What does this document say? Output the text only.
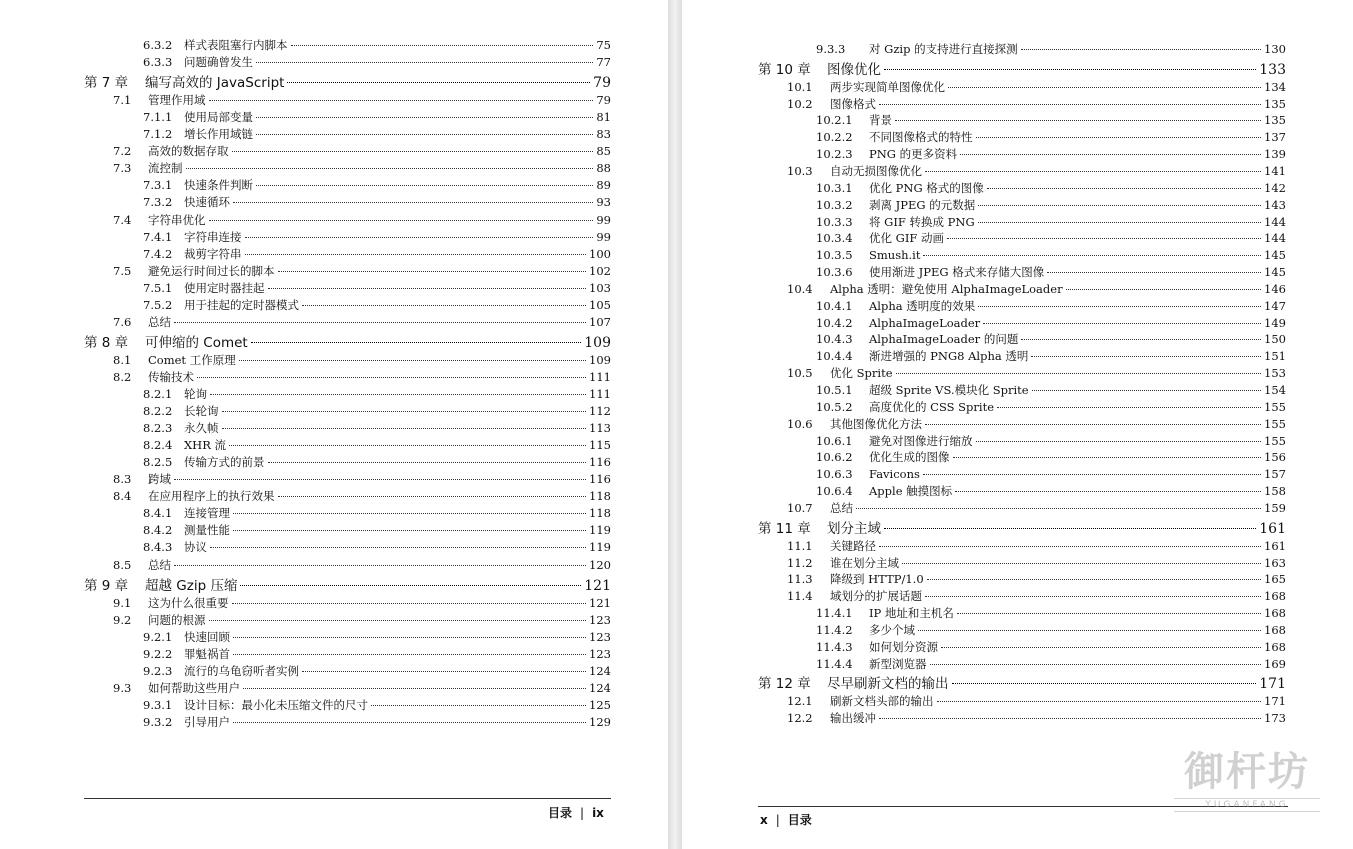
6.3.2	样式表阻塞行内脚本	75
6.3.3	问题确曾发生	77
第 7 章	编写高效的 JavaScript	79
7.1	管理作用域	79
7.1.1	使用局部变量	81
7.1.2	增长作用域链	83
7.2	高效的数据存取	85
7.3	流控制	88
7.3.1	快速条件判断	89
7.3.2	快速循环	93
7.4	字符串优化	99
7.4.1	字符串连接	99
7.4.2	裁剪字符串	100
7.5	避免运行时间过长的脚本	102
7.5.1	使用定时器挂起	103
7.5.2	用于挂起的定时器模式	105
7.6	总结	107
第 8 章	可伸缩的 Comet	109
8.1	Comet 工作原理	109
8.2	传输技术	111
8.2.1	轮询	111
8.2.2	长轮询	112
8.2.3	永久帧	113
8.2.4	XHR 流	115
8.2.5	传输方式的前景	116
8.3	跨域	116
8.4	在应用程序上的执行效果	118
8.4.1	连接管理	118
8.4.2	测量性能	119
8.4.3	协议	119
8.5	总结	120
第 9 章	超越 Gzip 压缩	121
9.1	这为什么很重要	121
9.2	问题的根源	123
9.2.1	快速回顾	123
9.2.2	罪魁祸首	123
9.2.3	流行的乌龟窃听者实例	124
9.3	如何帮助这些用户	124
9.3.1	设计目标：最小化未压缩文件的尺寸	125
9.3.2	引导用户	129
目录 | ix
9.3.3	对 Gzip 的支持进行直接探测	130
第 10 章	图像优化	133
10.1	两步实现简单图像优化	134
10.2	图像格式	135
10.2.1	背景	135
10.2.2	不同图像格式的特性	137
10.2.3	PNG 的更多资料	139
10.3	自动无损图像优化	141
10.3.1	优化 PNG 格式的图像	142
10.3.2	剥离 JPEG 的元数据	143
10.3.3	将 GIF 转换成 PNG	144
10.3.4	优化 GIF 动画	144
10.3.5	Smush.it	145
10.3.6	使用渐进 JPEG 格式来存储大图像	145
10.4	Alpha 透明：避免使用 AlphaImageLoader	146
10.4.1	Alpha 透明度的效果	147
10.4.2	AlphaImageLoader	149
10.4.3	AlphaImageLoader 的问题	150
10.4.4	渐进增强的 PNG8 Alpha 透明	151
10.5	优化 Sprite	153
10.5.1	超级 Sprite VS.模块化 Sprite	154
10.5.2	高度优化的 CSS Sprite	155
10.6	其他图像优化方法	155
10.6.1	避免对图像进行缩放	155
10.6.2	优化生成的图像	156
10.6.3	Favicons	157
10.6.4	Apple 触摸图标	158
10.7	总结	159
第 11 章	划分主域	161
11.1	关键路径	161
11.2	谁在划分主域	163
11.3	降级到 HTTP/1.0	165
11.4	域划分的扩展话题	168
11.4.1	IP 地址和主机名	168
11.4.2	多少个域	168
11.4.3	如何划分资源	168
11.4.4	新型浏览器	169
第 12 章	尽早刷新文档的输出	171
12.1	刷新文档头部的输出	171
12.2	输出缓冲	173
x | 目录
御杆坊
YUGANFANG
